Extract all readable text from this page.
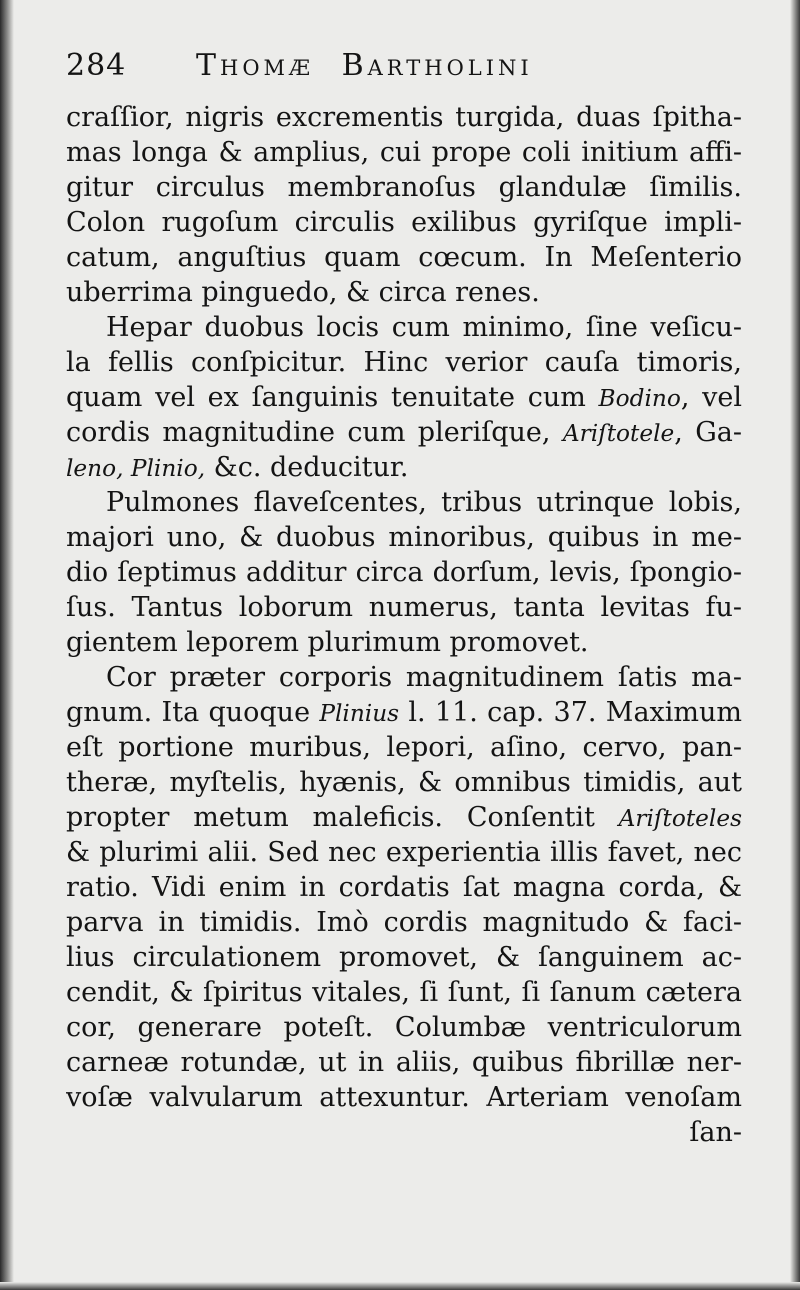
284 Thomæ Bartholini
craſſior, nigris excrementis turgida, duas ſpitha-
mas longa & amplius, cui prope coli initium affi-
gitur circulus membranoſus glandulæ ſimilis.
Colon rugoſum circulis exilibus gyriſque impli-
catum, anguſtius quam cœcum. In Meſenterio
uberrima pinguedo, & circa renes.
Hepar duobus locis cum minimo, ſine veſicu-
la fellis conſpicitur. Hinc verior cauſa timoris,
quam vel ex ſanguinis tenuitate cum Bodino, vel
cordis magnitudine cum pleriſque, Ariſtotele, Ga-
leno, Plinio, &c. deducitur.
Pulmones flaveſcentes, tribus utrinque lobis,
majori uno, & duobus minoribus, quibus in me-
dio ſeptimus additur circa dorſum, levis, ſpongio-
ſus. Tantus loborum numerus, tanta levitas fu-
gientem leporem plurimum promovet.
Cor præter corporis magnitudinem ſatis ma-
gnum. Ita quoque Plinius l. 11. cap. 37. Maximum
eſt portione muribus, lepori, aſino, cervo, pan-
theræ, myſtelis, hyænis, & omnibus timidis, aut
propter metum maleficis. Conſentit Ariſtoteles
& plurimi alii. Sed nec experientia illis favet, nec
ratio. Vidi enim in cordatis ſat magna corda, &
parva in timidis. Imò cordis magnitudo & faci-
lius circulationem promovet, & ſanguinem ac-
cendit, & ſpiritus vitales, ſi ſunt, ſi ſanum cætera
cor, generare poteſt. Columbæ ventriculorum
carneæ rotundæ, ut in aliis, quibus fibrillæ ner-
voſæ valvularum attexuntur. Arteriam venoſam
ſan-
